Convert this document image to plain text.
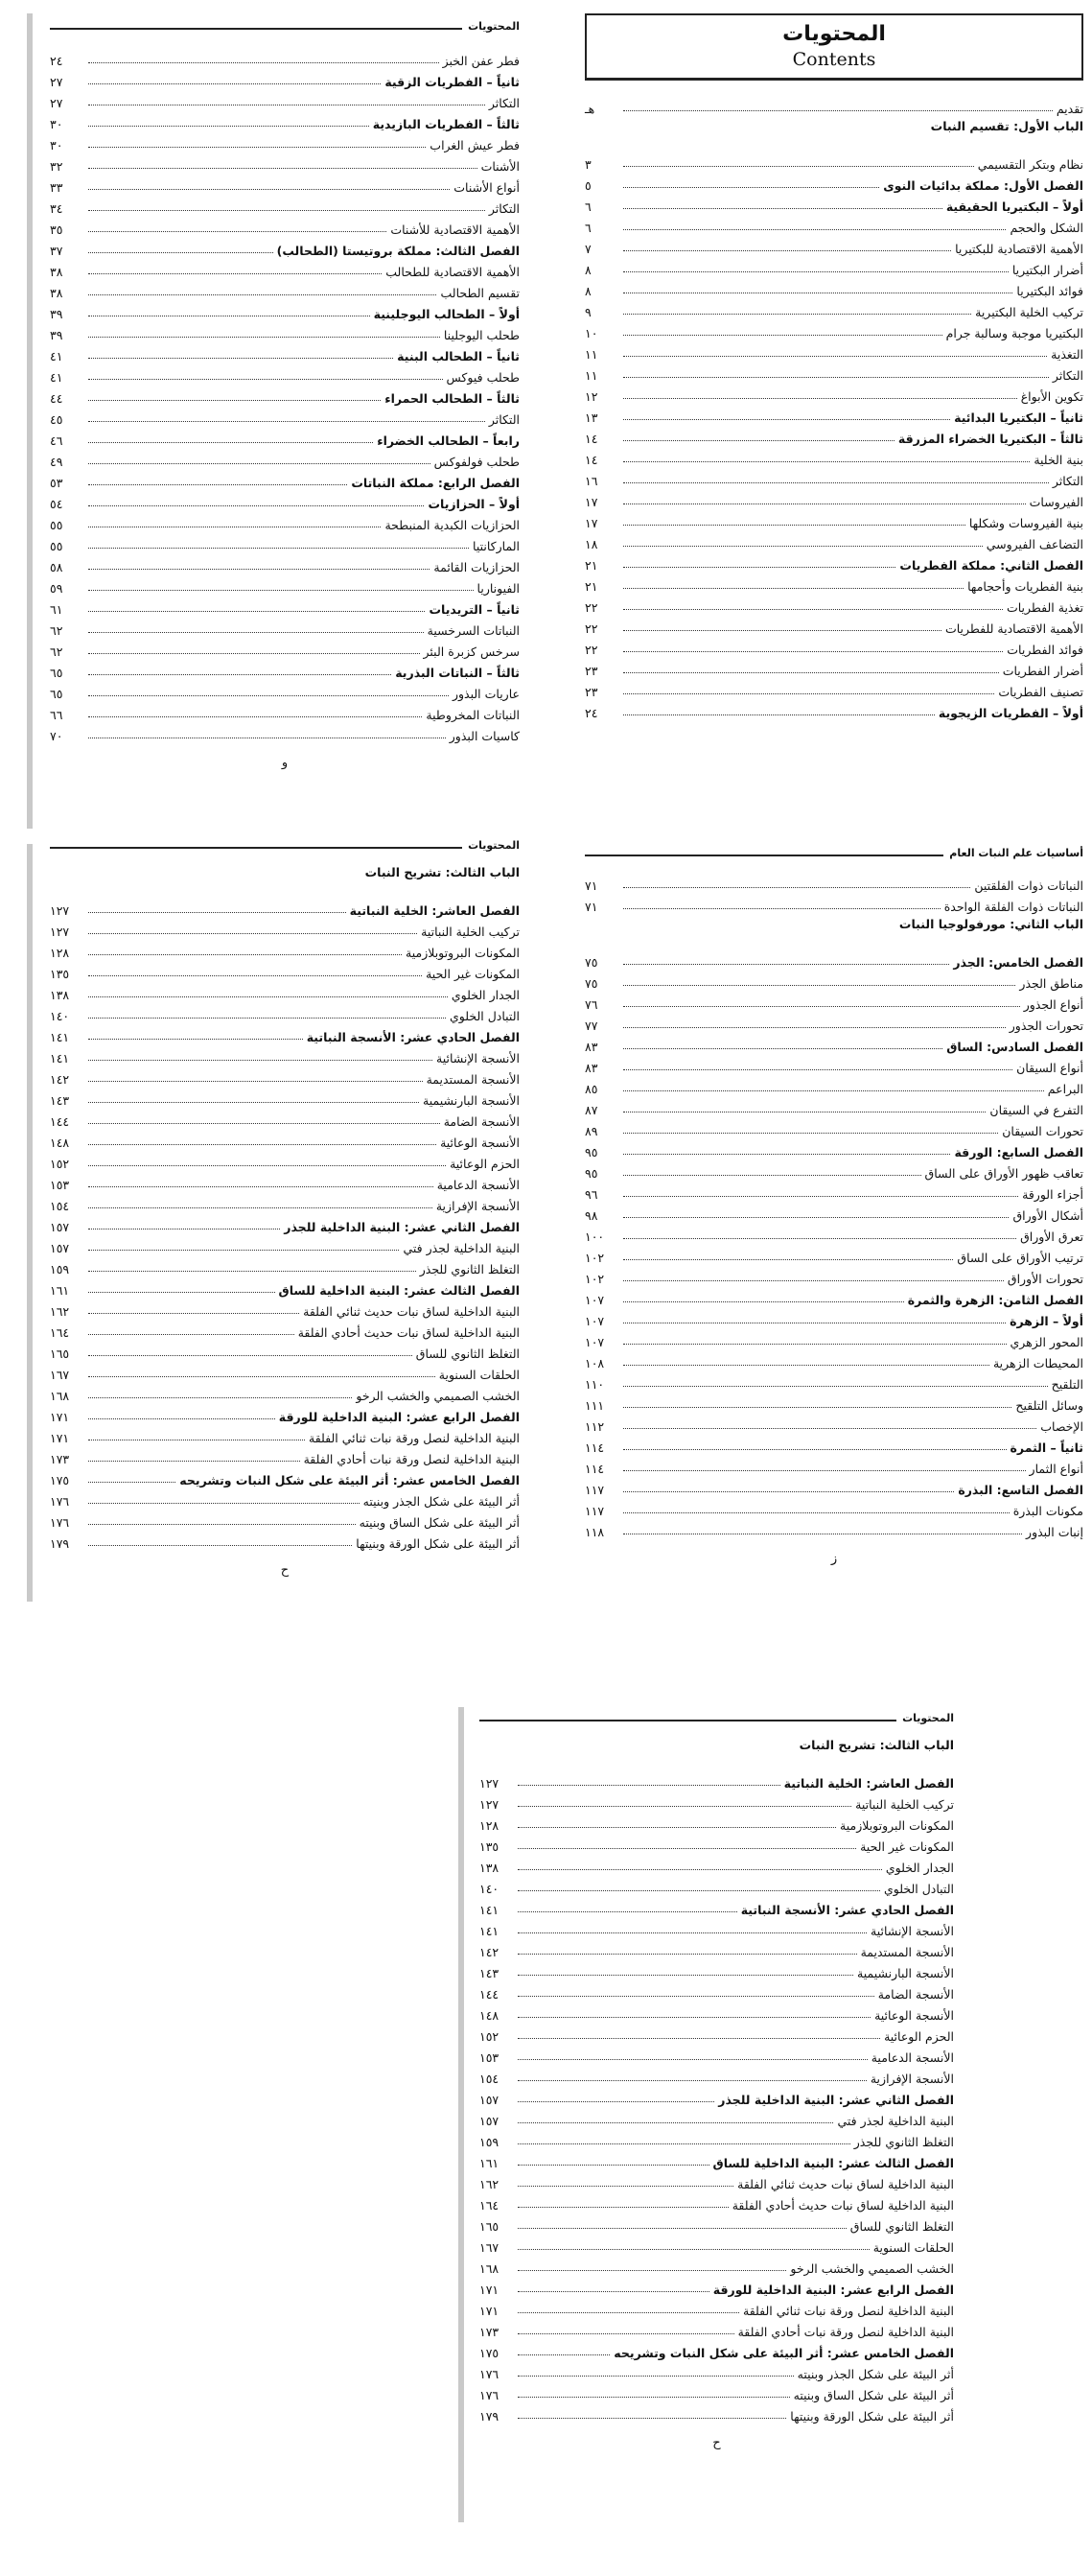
المحتويات
Contents
تقديم
هـ
الباب الأول: تقسيم النبات
نظام وبتكر التقسيمي
٣
الفصل الأول: مملكة بدائيات النوى
٥
أولاً – البكتيريا الحقيقية
٦
الشكل والحجم
٦
الأهمية الاقتصادية للبكتيريا
٧
أضرار البكتيريا
٨
فوائد البكتيريا
٨
تركيب الخلية البكتيرية
٩
البكتيريا موجبة وسالبة جرام
١٠
التغذية
١١
التكاثر
١١
تكوين الأبواغ
١٢
ثانياً – البكتيريا البدائية
١٣
ثالثاً – البكتيريا الخضراء المزرقة
١٤
بنية الخلية
١٤
التكاثر
١٦
الفيروسات
١٧
بنية الفيروسات وشكلها
١٧
التضاعف الفيروسي
١٨
الفصل الثاني: مملكة الفطريات
٢١
بنية الفطريات وأحجامها
٢١
تغذية الفطريات
٢٢
الأهمية الاقتصادية للفطريات
٢٢
فوائد الفطريات
٢٢
أضرار الفطريات
٢٣
تصنيف الفطريات
٢٣
أولاً – الفطريات الزيجوية
٢٤
المحتويات
فطر عفن الخبز
٢٤
ثانياً – الفطريات الزقية
٢٧
التكاثر
٢٧
ثالثاً – الفطريات البازيدية
٣٠
فطر عيش الغراب
٣٠
الأشنات
٣٢
أنواع الأشنات
٣٣
التكاثر
٣٤
الأهمية الاقتصادية للأشنات
٣٥
الفصل الثالث: مملكة بروتيستا (الطحالب)
٣٧
الأهمية الاقتصادية للطحالب
٣٨
تقسيم الطحالب
٣٨
أولاً – الطحالب اليوجلينية
٣٩
طحلب اليوجلينا
٣٩
ثانياً – الطحالب البنية
٤١
طحلب فيوكس
٤١
ثالثاً – الطحالب الحمراء
٤٤
التكاثر
٤٥
رابعاً – الطحالب الخضراء
٤٦
طحلب فولفوكس
٤٩
الفصل الرابع: مملكة النباتات
٥٣
أولاً – الحزازيات
٥٤
الحزازيات الكبدية المنبطحة
٥٥
الماركانتيا
٥٥
الحزازيات القائمة
٥٨
الفيوناريا
٥٩
ثانياً – التريديات
٦١
النباتات السرخسية
٦٢
سرخس كزبرة البئر
٦٢
ثالثاً – النباتات البذرية
٦٥
عاريات البذور
٦٥
النباتات المخروطية
٦٦
كاسيات البذور
٧٠
و
أساسيات علم النبات العام
النباتات ذوات الفلقتين
٧١
النباتات ذوات الفلقة الواحدة
٧١
الباب الثاني: مورفولوجيا النبات
الفصل الخامس: الجذر
٧٥
مناطق الجذر
٧٥
أنواع الجذور
٧٦
تحورات الجذور
٧٧
الفصل السادس: الساق
٨٣
أنواع السيقان
٨٣
البراعم
٨٥
التفرع في السيقان
٨٧
تحورات السيقان
٨٩
الفصل السابع: الورقة
٩٥
تعاقب ظهور الأوراق على الساق
٩٥
أجزاء الورقة
٩٦
أشكال الأوراق
٩٨
تعرق الأوراق
١٠٠
ترتيب الأوراق على الساق
١٠٢
تحورات الأوراق
١٠٢
الفصل الثامن: الزهرة والثمرة
١٠٧
أولاً – الزهرة
١٠٧
المحور الزهري
١٠٧
المحيطات الزهرية
١٠٨
التلقيح
١١٠
وسائل التلقيح
١١١
الإخصاب
١١٢
ثانياً – الثمرة
١١٤
أنواع الثمار
١١٤
الفصل التاسع: البذرة
١١٧
مكونات البذرة
١١٧
إنبات البذور
١١٨
ز
المحتويات
الباب الثالث: تشريح النبات
الفصل العاشر: الخلية النباتية
١٢٧
تركيب الخلية النباتية
١٢٧
المكونات البروتوبلازمية
١٢٨
المكونات غير الحية
١٣٥
الجدار الخلوي
١٣٨
التبادل الخلوي
١٤٠
الفصل الحادي عشر: الأنسجة النباتية
١٤١
الأنسجة الإنشائية
١٤١
الأنسجة المستديمة
١٤٢
الأنسجة البارنشيمية
١٤٣
الأنسجة الضامة
١٤٤
الأنسجة الوعائية
١٤٨
الحزم الوعائية
١٥٢
الأنسجة الدعامية
١٥٣
الأنسجة الإفرازية
١٥٤
الفصل الثاني عشر: البنية الداخلية للجذر
١٥٧
البنية الداخلية لجذر فتي
١٥٧
التغلظ الثانوي للجذر
١٥٩
الفصل الثالث عشر: البنية الداخلية للساق
١٦١
البنية الداخلية لساق نبات حديث ثنائي الفلقة
١٦٢
البنية الداخلية لساق نبات حديث أحادي الفلقة
١٦٤
التغلظ الثانوي للساق
١٦٥
الحلقات السنوية
١٦٧
الخشب الصميمي والخشب الرخو
١٦٨
الفصل الرابع عشر: البنية الداخلية للورقة
١٧١
البنية الداخلية لنصل ورقة نبات ثنائي الفلقة
١٧١
البنية الداخلية لنصل ورقة نبات أحادي الفلقة
١٧٣
الفصل الخامس عشر: أثر البيئة على شكل النبات وتشريحه
١٧٥
أثر البيئة على شكل الجذر وبنيته
١٧٦
أثر البيئة على شكل الساق وبنيته
١٧٦
أثر البيئة على شكل الورقة وبنيتها
١٧٩
ح
المحتويات
الباب الثالث: تشريح النبات
الفصل العاشر: الخلية النباتية
١٢٧
تركيب الخلية النباتية
١٢٧
المكونات البروتوبلازمية
١٢٨
المكونات غير الحية
١٣٥
الجدار الخلوي
١٣٨
التبادل الخلوي
١٤٠
الفصل الحادي عشر: الأنسجة النباتية
١٤١
الأنسجة الإنشائية
١٤١
الأنسجة المستديمة
١٤٢
الأنسجة البارنشيمية
١٤٣
الأنسجة الضامة
١٤٤
الأنسجة الوعائية
١٤٨
الحزم الوعائية
١٥٢
الأنسجة الدعامية
١٥٣
الأنسجة الإفرازية
١٥٤
الفصل الثاني عشر: البنية الداخلية للجذر
١٥٧
البنية الداخلية لجذر فتي
١٥٧
التغلظ الثانوي للجذر
١٥٩
الفصل الثالث عشر: البنية الداخلية للساق
١٦١
البنية الداخلية لساق نبات حديث ثنائي الفلقة
١٦٢
البنية الداخلية لساق نبات حديث أحادي الفلقة
١٦٤
التغلظ الثانوي للساق
١٦٥
الحلقات السنوية
١٦٧
الخشب الصميمي والخشب الرخو
١٦٨
الفصل الرابع عشر: البنية الداخلية للورقة
١٧١
البنية الداخلية لنصل ورقة نبات ثنائي الفلقة
١٧١
البنية الداخلية لنصل ورقة نبات أحادي الفلقة
١٧٣
الفصل الخامس عشر: أثر البيئة على شكل النبات وتشريحه
١٧٥
أثر البيئة على شكل الجذر وبنيته
١٧٦
أثر البيئة على شكل الساق وبنيته
١٧٦
أثر البيئة على شكل الورقة وبنيتها
١٧٩
ح
